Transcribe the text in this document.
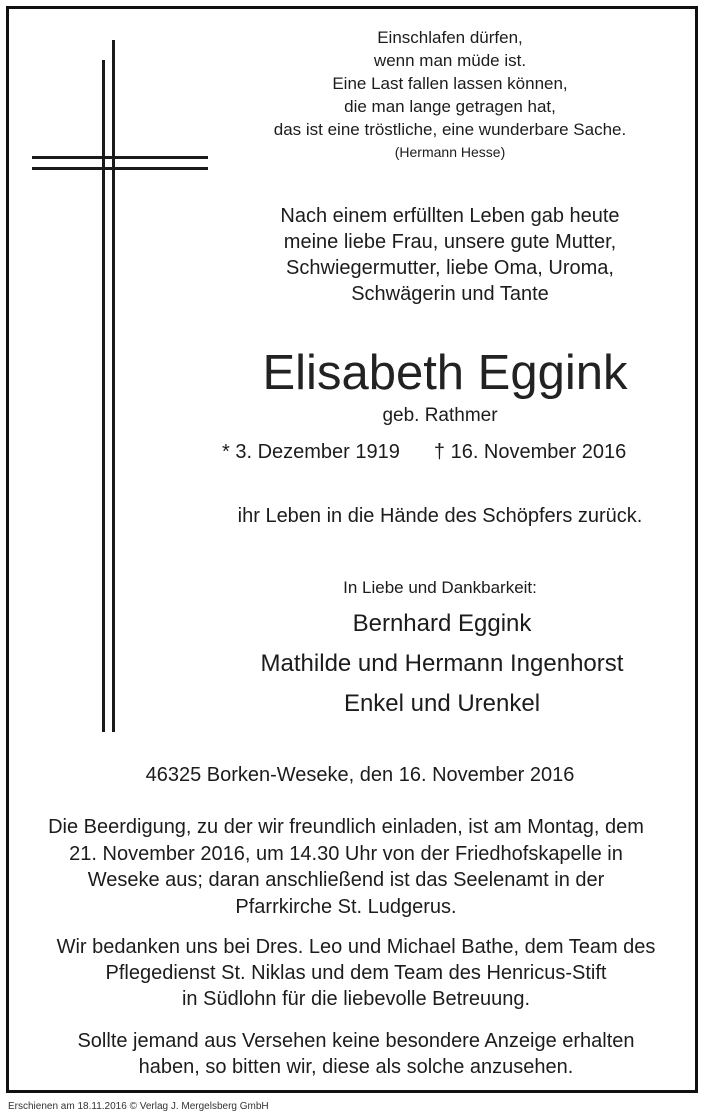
Einschlafen dürfen,
wenn man müde ist.
Eine Last fallen lassen können,
die man lange getragen hat,
das ist eine tröstliche, eine wunderbare Sache.
(Hermann Hesse)
Nach einem erfüllten Leben gab heute
meine liebe Frau, unsere gute Mutter,
Schwiegermutter, liebe Oma, Uroma,
Schwägerin und Tante
Elisabeth Eggink
geb. Rathmer
* 3. Dezember 1919 † 16. November 2016
ihr Leben in die Hände des Schöpfers zurück.
In Liebe und Dankbarkeit:
Bernhard Eggink
Mathilde und Hermann Ingenhorst
Enkel und Urenkel
46325 Borken-Weseke, den 16. November 2016
Die Beerdigung, zu der wir freundlich einladen, ist am Montag, dem
21. November 2016, um 14.30 Uhr von der Friedhofskapelle in
Weseke aus; daran anschließend ist das Seelenamt in der
Pfarrkirche St. Ludgerus.
Wir bedanken uns bei Dres. Leo und Michael Bathe, dem Team des
Pflegedienst St. Niklas und dem Team des Henricus-Stift
in Südlohn für die liebevolle Betreuung.
Sollte jemand aus Versehen keine besondere Anzeige erhalten
haben, so bitten wir, diese als solche anzusehen.
Erschienen am 18.11.2016 © Verlag J. Mergelsberg GmbH
